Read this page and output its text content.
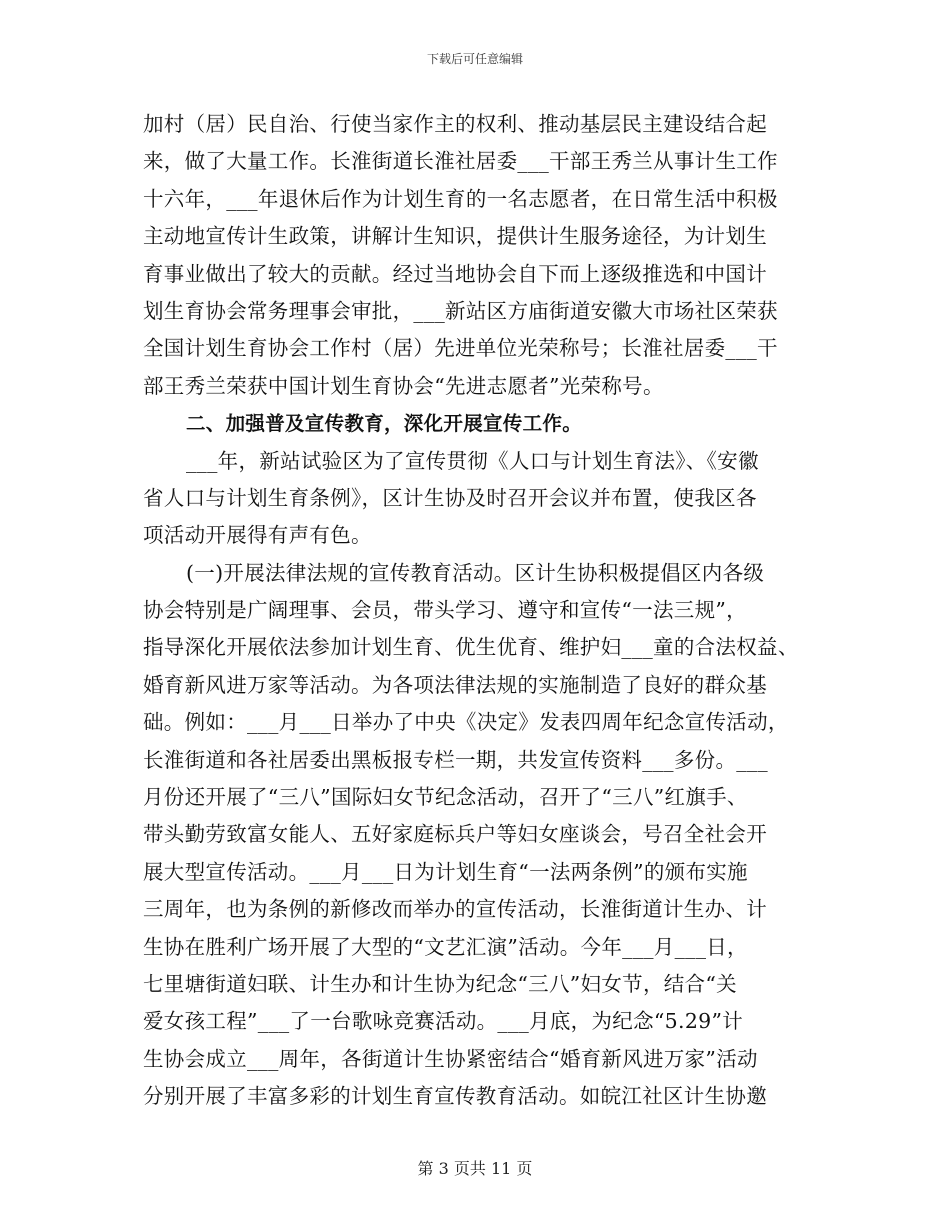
下载后可任意编辑
加村（居）民自治、行使当家作主的权利、推动基层民主建设结合起
来，做了大量工作。长淮街道长淮社居委___干部王秀兰从事计生工作
十六年，___年退休后作为计划生育的一名志愿者，在日常生活中积极
主动地宣传计生政策，讲解计生知识，提供计生服务途径，为计划生
育事业做出了较大的贡献。经过当地协会自下而上逐级推选和中国计
划生育协会常务理事会审批，___新站区方庙街道安徽大市场社区荣获
全国计划生育协会工作村（居）先进单位光荣称号；长淮社居委___干
部王秀兰荣获中国计划生育协会“先进志愿者”光荣称号。
二、加强普及宣传教育，深化开展宣传工作。
___年，新站试验区为了宣传贯彻《人口与计划生育法》、《安徽
省人口与计划生育条例》，区计生协及时召开会议并布置，使我区各
项活动开展得有声有色。
(一)开展法律法规的宣传教育活动。区计生协积极提倡区内各级
协会特别是广阔理事、会员，带头学习、遵守和宣传“一法三规”，
指导深化开展依法参加计划生育、优生优育、维护妇___童的合法权益、
婚育新风进万家等活动。为各项法律法规的实施制造了良好的群众基
础。例如：___月___日举办了中央《决定》发表四周年纪念宣传活动，
长淮街道和各社居委出黑板报专栏一期，共发宣传资料___多份。___
月份还开展了“三八”国际妇女节纪念活动，召开了“三八”红旗手、
带头勤劳致富女能人、五好家庭标兵户等妇女座谈会，号召全社会开
展大型宣传活动。___月___日为计划生育“一法两条例”的颁布实施
三周年，也为条例的新修改而举办的宣传活动，长淮街道计生办、计
生协在胜利广场开展了大型的“文艺汇演”活动。今年___月___日，
七里塘街道妇联、计生办和计生协为纪念“三八”妇女节，结合“关
爱女孩工程”___了一台歌咏竞赛活动。___月底，为纪念“5.29”计
生协会成立___周年，各街道计生协紧密结合“婚育新风进万家”活动
分别开展了丰富多彩的计划生育宣传教育活动。如皖江社区计生协邀
第 3 页共 11 页
